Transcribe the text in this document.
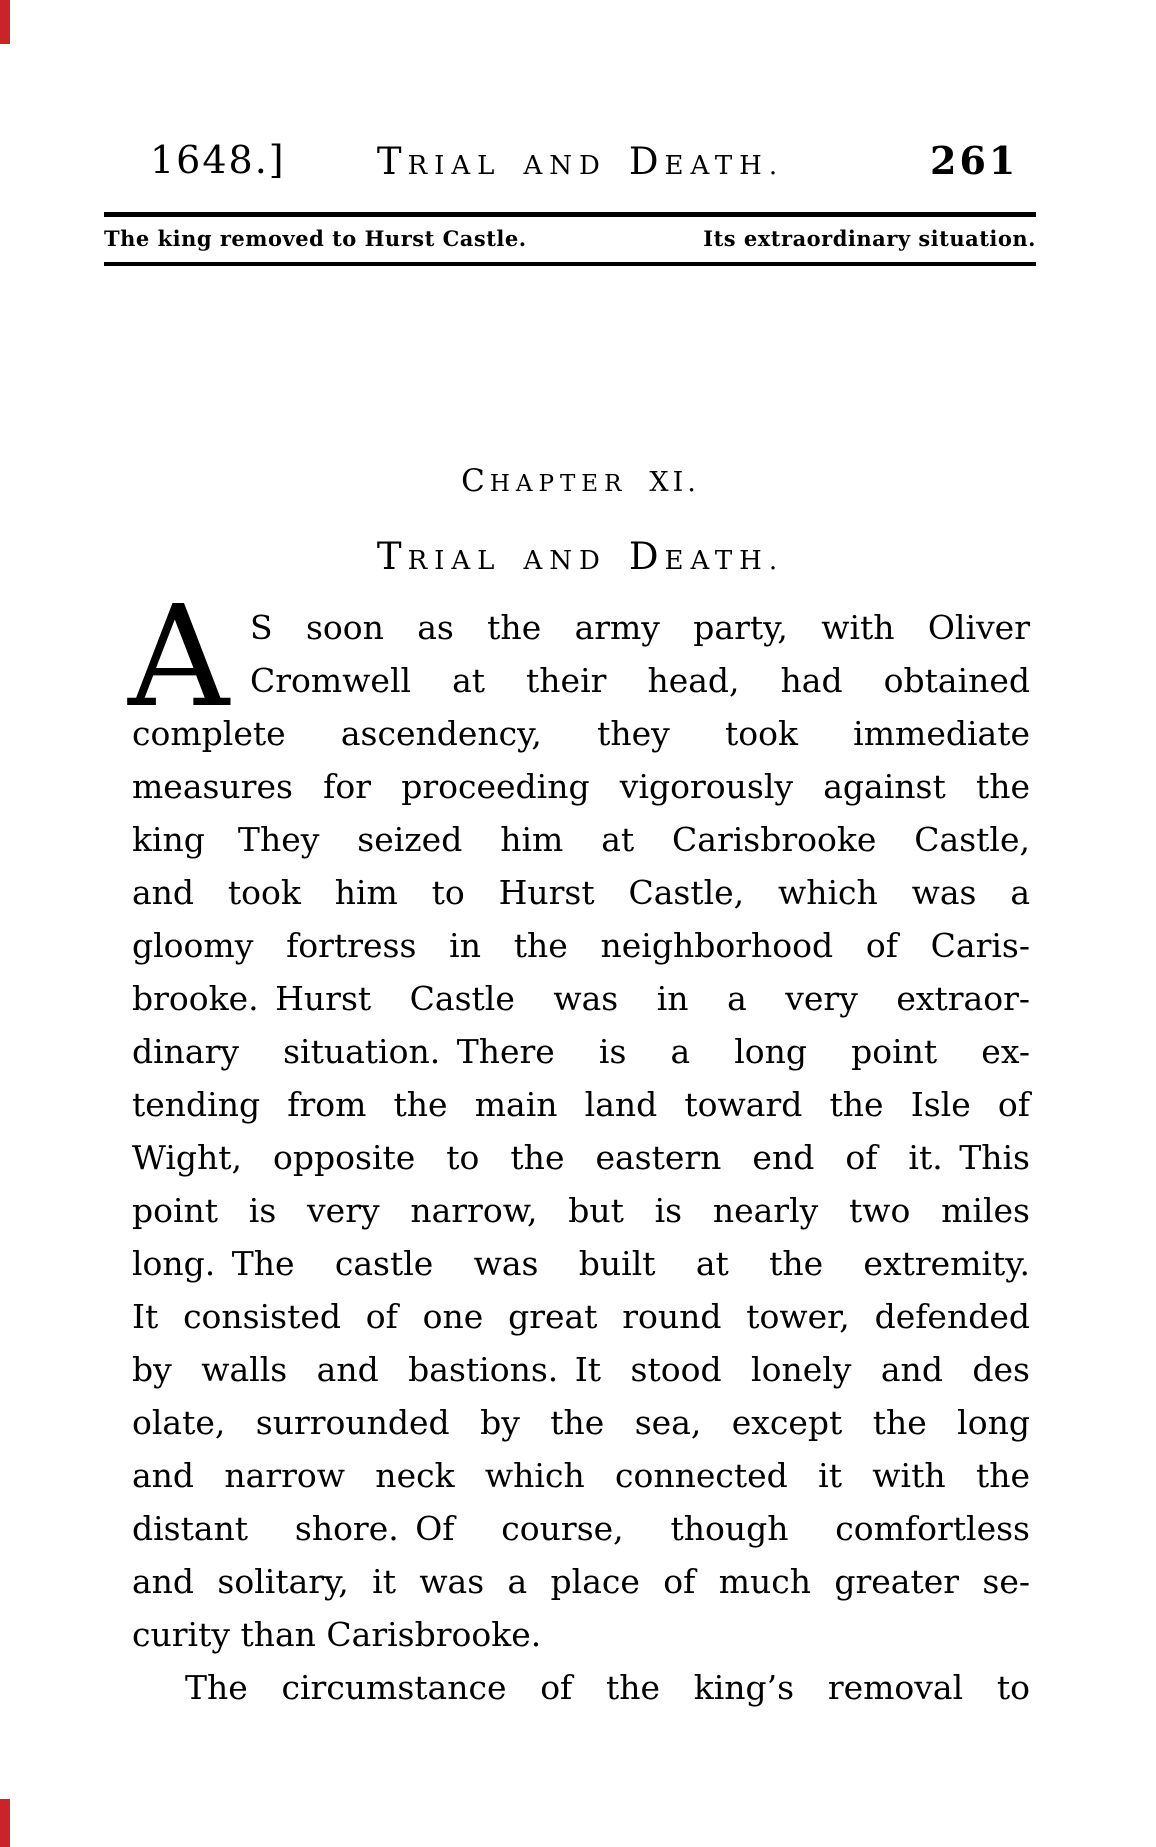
1648.]	TRIAL AND DEATH.	261
The king removed to Hurst Castle.	Its extraordinary situation.
CHAPTER XI.
TRIAL AND DEATH.
A S soon as the army party, with Oliver
Cromwell at their head, had obtained
complete ascendency, they took immediate
measures for proceeding vigorously against the
king They seized him at Carisbrooke Castle,
and took him to Hurst Castle, which was a
gloomy fortress in the neighborhood of Caris-
brooke. Hurst Castle was in a very extraor-
dinary situation. There is a long point ex-
tending from the main land toward the Isle of
Wight, opposite to the eastern end of it. This
point is very narrow, but is nearly two miles
long. The castle was built at the extremity.
It consisted of one great round tower, defended
by walls and bastions. It stood lonely and des
olate, surrounded by the sea, except the long
and narrow neck which connected it with the
distant shore. Of course, though comfortless
and solitary, it was a place of much greater se-
curity than Carisbrooke.
The circumstance of the king’s removal to
